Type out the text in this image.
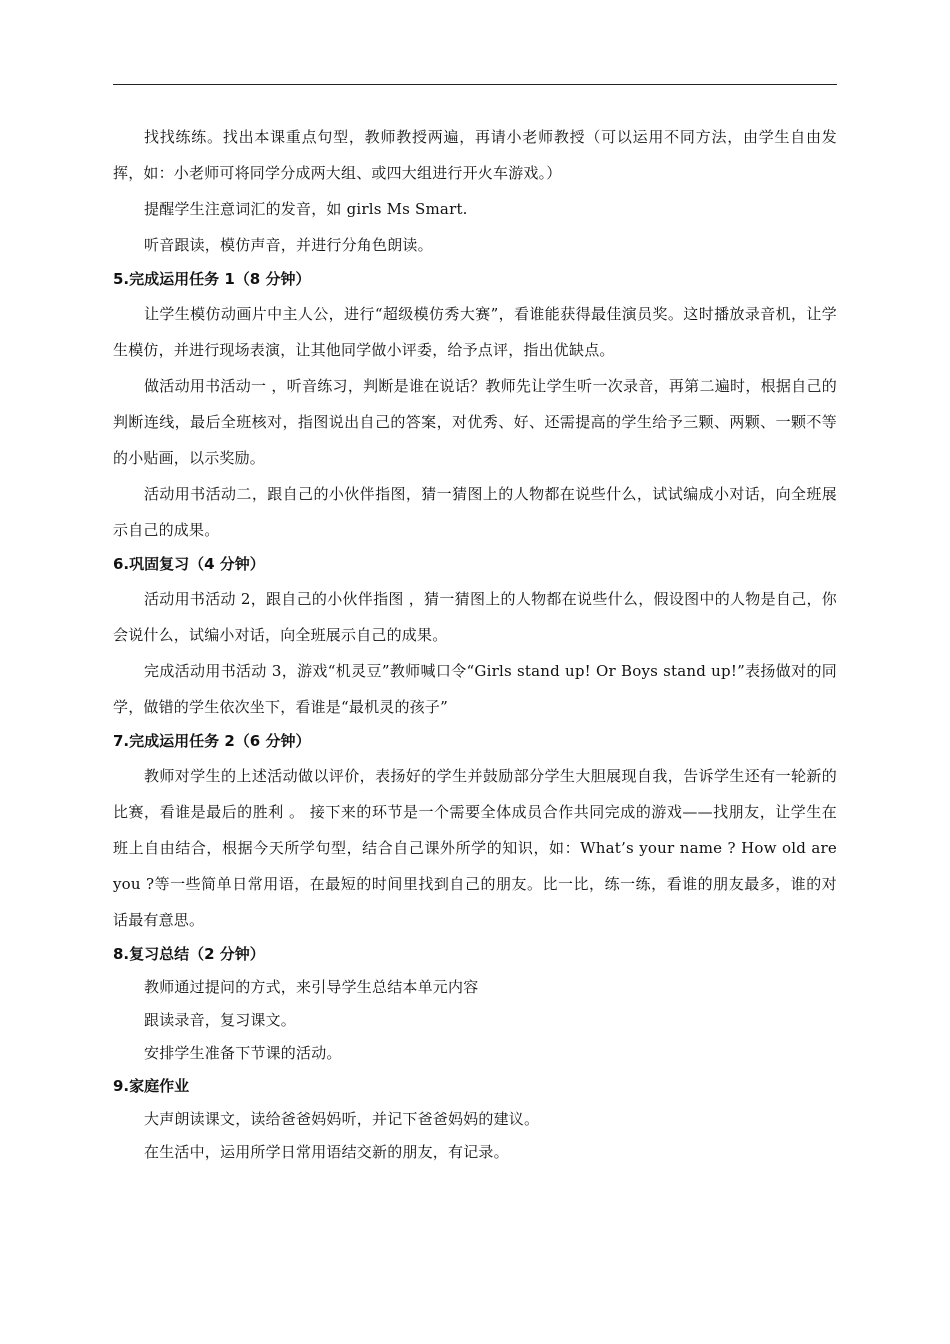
找找练练。找出本课重点句型，教师教授两遍，再请小老师教授（可以运用不同方法，由学生自由发挥，如：小老师可将同学分成两大组、或四大组进行开火车游戏。）

提醒学生注意词汇的发音，如 girls Ms Smart.

听音跟读，模仿声音，并进行分角色朗读。

5.完成运用任务 1（8 分钟）

让学生模仿动画片中主人公，进行“超级模仿秀大赛”，看谁能获得最佳演员奖。这时播放录音机，让学生模仿，并进行现场表演，让其他同学做小评委，给予点评，指出优缺点。

做活动用书活动一 ，听音练习，判断是谁在说话？教师先让学生听一次录音，再第二遍时，根据自己的判断连线，最后全班核对，指图说出自己的答案，对优秀、好、还需提高的学生给予三颗、两颗、一颗不等的小贴画，以示奖励。

活动用书活动二，跟自己的小伙伴指图，猜一猜图上的人物都在说些什么，试试编成小对话，向全班展示自己的成果。

6.巩固复习（4 分钟）

活动用书活动 2，跟自己的小伙伴指图 ，猜一猜图上的人物都在说些什么，假设图中的人物是自己，你会说什么，试编小对话，向全班展示自己的成果。

完成活动用书活动 3，游戏“机灵豆”教师喊口令“Girls stand up! Or Boys stand up!”表扬做对的同学，做错的学生依次坐下，看谁是“最机灵的孩子”

7.完成运用任务 2（6 分钟）

教师对学生的上述活动做以评价，表扬好的学生并鼓励部分学生大胆展现自我，告诉学生还有一轮新的比赛，看谁是最后的胜利 。 接下来的环节是一个需要全体成员合作共同完成的游戏——找朋友，让学生在班上自由结合，根据今天所学句型，结合自己课外所学的知识，如：What’s your name ? How old are you ?等一些简单日常用语，在最短的时间里找到自己的朋友。比一比，练一练，看谁的朋友最多，谁的对话最有意思。

8.复习总结（2 分钟）

教师通过提问的方式，来引导学生总结本单元内容

跟读录音，复习课文。

安排学生准备下节课的活动。

9.家庭作业

大声朗读课文，读给爸爸妈妈听，并记下爸爸妈妈的建议。

在生活中，运用所学日常用语结交新的朋友，有记录。
